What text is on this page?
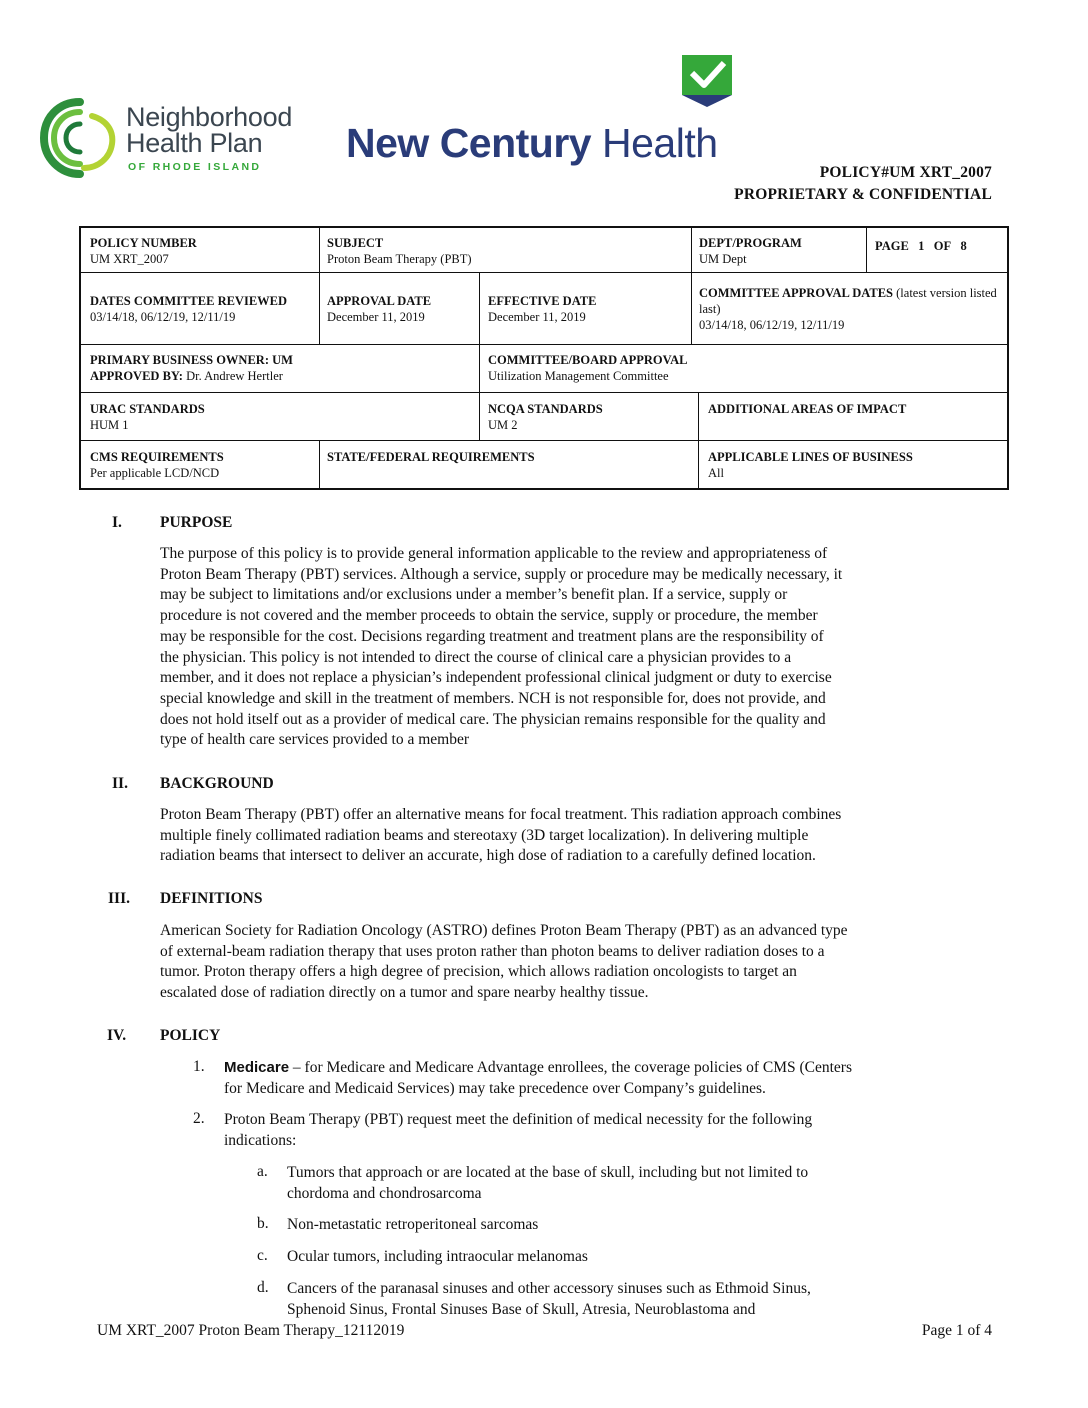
Neighborhood
Health Plan
OF RHODE ISLAND
New Century Health
POLICY#UM XRT_2007
PROPRIETARY & CONFIDENTIAL
POLICY NUMBER
UM XRT_2007
SUBJECT
Proton Beam Therapy (PBT)
DEPT/PROGRAM
UM Dept
PAGE 1 OF 8
DATES COMMITTEE REVIEWED
03/14/18, 06/12/19, 12/11/19
APPROVAL DATE
December 11, 2019
EFFECTIVE DATE
December 11, 2019
COMMITTEE APPROVAL DATES (latest version listed last)
03/14/18, 06/12/19, 12/11/19
PRIMARY BUSINESS OWNER: UM
APPROVED BY: Dr. Andrew Hertler
COMMITTEE/BOARD APPROVAL
Utilization Management Committee
URAC STANDARDS
HUM 1
NCQA STANDARDS
UM 2
ADDITIONAL AREAS OF IMPACT
CMS REQUIREMENTS
Per applicable LCD/NCD
STATE/FEDERAL REQUIREMENTS	APPLICABLE LINES OF BUSINESS
All
I. PURPOSE
The purpose of this policy is to provide general information applicable to the review and appropriateness of
Proton Beam Therapy (PBT) services. Although a service, supply or procedure may be medically necessary, it
may be subject to limitations and/or exclusions under a member’s benefit plan. If a service, supply or
procedure is not covered and the member proceeds to obtain the service, supply or procedure, the member
may be responsible for the cost. Decisions regarding treatment and treatment plans are the responsibility of
the physician. This policy is not intended to direct the course of clinical care a physician provides to a
member, and it does not replace a physician’s independent professional clinical judgment or duty to exercise
special knowledge and skill in the treatment of members. NCH is not responsible for, does not provide, and
does not hold itself out as a provider of medical care. The physician remains responsible for the quality and
type of health care services provided to a member
II. BACKGROUND
Proton Beam Therapy (PBT) offer an alternative means for focal treatment. This radiation approach combines
multiple finely collimated radiation beams and stereotaxy (3D target localization). In delivering multiple
radiation beams that intersect to deliver an accurate, high dose of radiation to a carefully defined location.
III. DEFINITIONS
American Society for Radiation Oncology (ASTRO) defines Proton Beam Therapy (PBT) as an advanced type
of external-beam radiation therapy that uses proton rather than photon beams to deliver radiation doses to a
tumor. Proton therapy offers a high degree of precision, which allows radiation oncologists to target an
escalated dose of radiation directly on a tumor and spare nearby healthy tissue.
IV. POLICY
1. Medicare – for Medicare and Medicare Advantage enrollees, the coverage policies of CMS (Centers
for Medicare and Medicaid Services) may take precedence over Company’s guidelines.
2. Proton Beam Therapy (PBT) request meet the definition of medical necessity for the following
indications:
a. Tumors that approach or are located at the base of skull, including but not limited to
chordoma and chondrosarcoma
b. Non-metastatic retroperitoneal sarcomas
c. Ocular tumors, including intraocular melanomas
d. Cancers of the paranasal sinuses and other accessory sinuses such as Ethmoid Sinus,
Sphenoid Sinus, Frontal Sinuses Base of Skull, Atresia, Neuroblastoma and
UM XRT_2007 Proton Beam Therapy_12112019	Page 1 of 4
